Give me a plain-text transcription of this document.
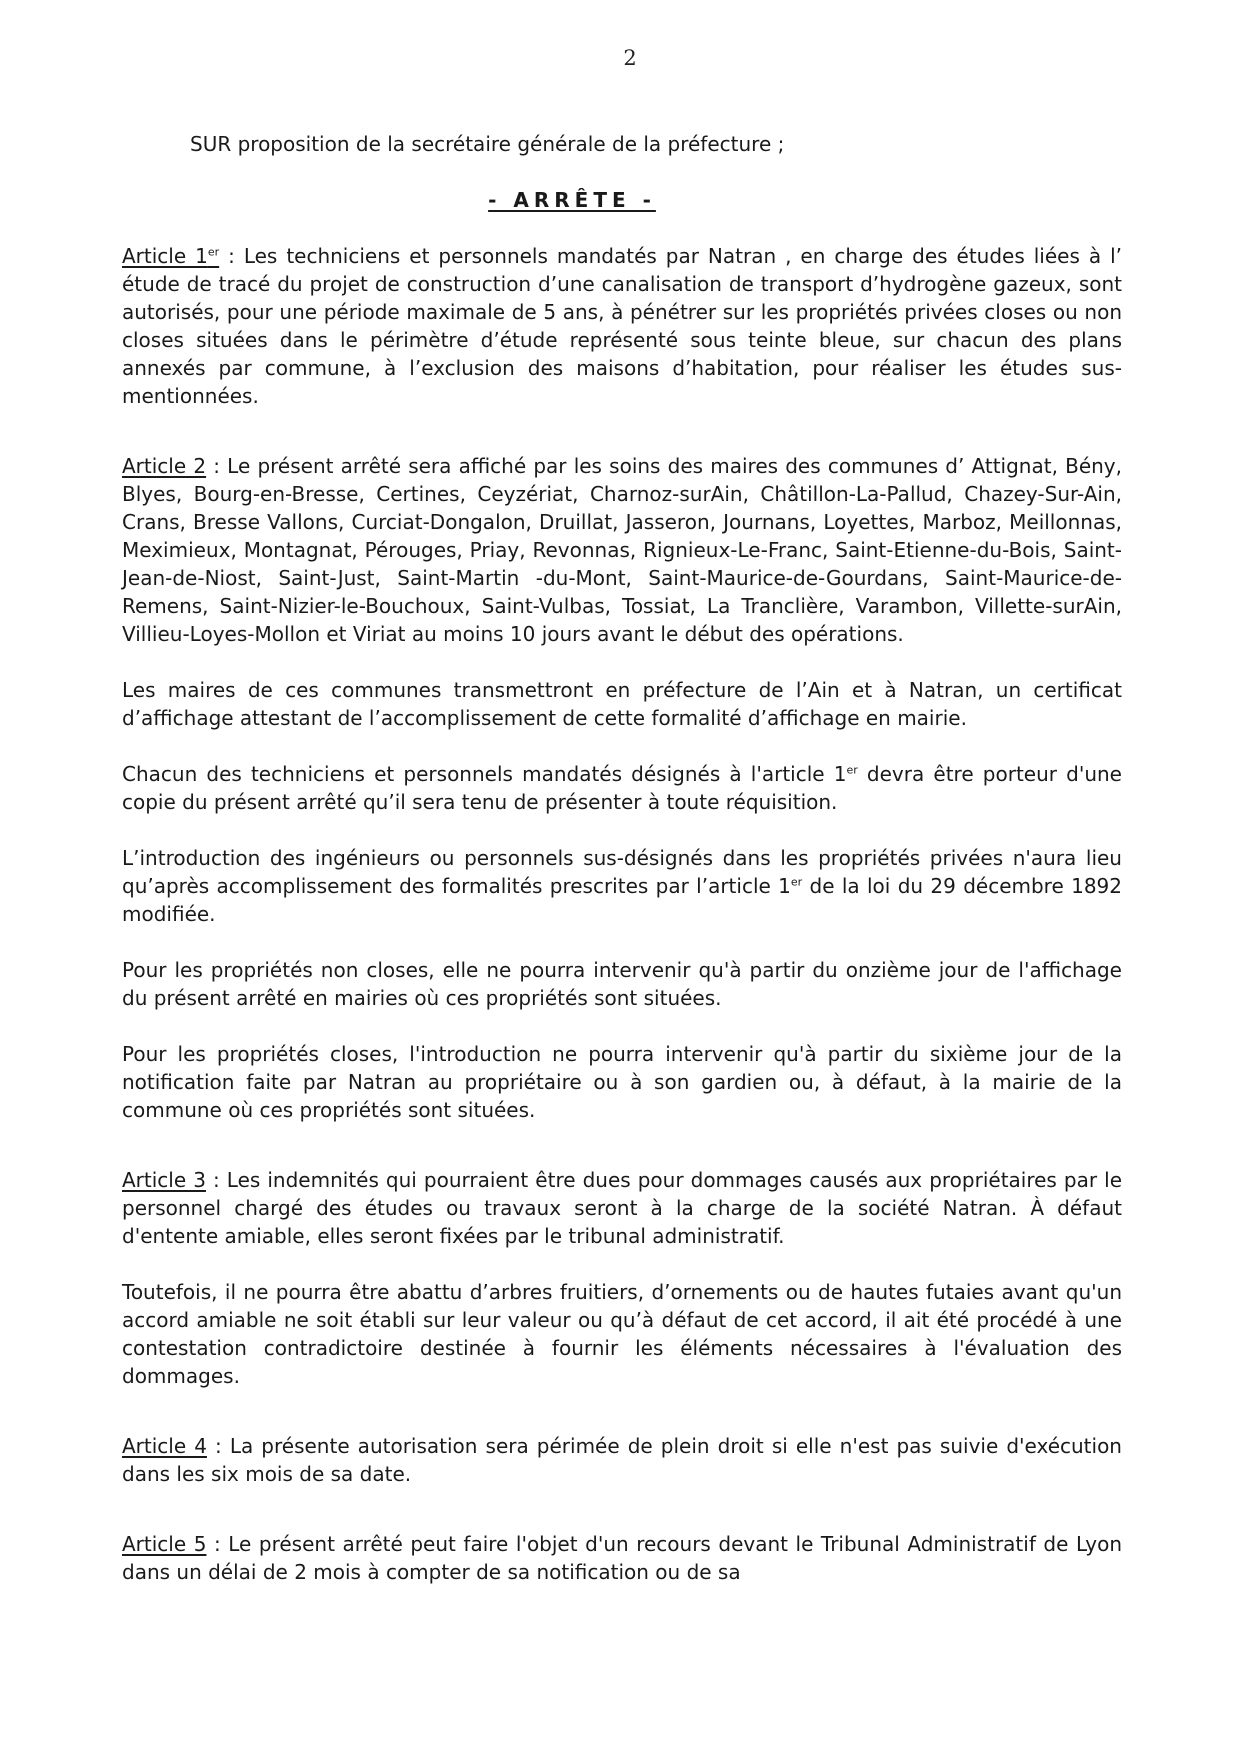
2
SUR proposition de la secrétaire générale de la préfecture ;
- ARRÊTE -

Article 1er : Les techniciens et personnels mandatés par Natran , en charge des études liées à l’ étude de tracé du projet de construction d’une canalisation de transport d’hydrogène gazeux, sont autorisés, pour une période maximale de 5 ans, à pénétrer sur les propriétés privées closes ou non closes situées dans le périmètre d’étude représenté sous teinte bleue, sur chacun des plans annexés par commune, à l’exclusion des maisons d’habitation, pour réaliser les études sus-mentionnées.

Article 2 : Le présent arrêté sera affiché par les soins des maires des communes d’ Attignat, Bény, Blyes, Bourg-en-Bresse, Certines, Ceyzériat, Charnoz-surAin, Châtillon-La-Pallud, Chazey-Sur-Ain, Crans, Bresse Vallons, Curciat-Dongalon, Druillat, Jasseron, Journans, Loyettes, Marboz, Meillonnas, Meximieux, Montagnat, Pérouges, Priay, Revonnas, Rignieux-Le-Franc, Saint-Etienne-du-Bois, Saint-Jean-de-Niost, Saint-Just, Saint-Martin -du-Mont, Saint-Maurice-de-Gourdans, Saint-Maurice-de-Remens, Saint-Nizier-le-Bouchoux, Saint-Vulbas, Tossiat, La Tranclière, Varambon, Villette-surAin, Villieu-Loyes-Mollon et Viriat au moins 10 jours avant le début des opérations.

Les maires de ces communes transmettront en préfecture de l’Ain et à Natran, un certificat d’affichage attestant de l’accomplissement de cette formalité d’affichage en mairie.

Chacun des techniciens et personnels mandatés désignés à l'article 1er devra être porteur d'une copie du présent arrêté qu’il sera tenu de présenter à toute réquisition.

L’introduction des ingénieurs ou personnels sus-désignés dans les propriétés privées n'aura lieu qu’après accomplissement des formalités prescrites par l’article 1er de la loi du 29 décembre 1892 modifiée.

Pour les propriétés non closes, elle ne pourra intervenir qu'à partir du onzième jour de l'affichage du présent arrêté en mairies où ces propriétés sont situées.

Pour les propriétés closes, l'introduction ne pourra intervenir qu'à partir du sixième jour de la notification faite par Natran au propriétaire ou à son gardien ou, à défaut, à la mairie de la commune où ces propriétés sont situées.

Article 3 : Les indemnités qui pourraient être dues pour dommages causés aux propriétaires par le personnel chargé des études ou travaux seront à la charge de la société Natran. À défaut d'entente amiable, elles seront fixées par le tribunal administratif.

Toutefois, il ne pourra être abattu d’arbres fruitiers, d’ornements ou de hautes futaies avant qu'un accord amiable ne soit établi sur leur valeur ou qu’à défaut de cet accord, il ait été procédé à une contestation contradictoire destinée à fournir les éléments nécessaires à l'évaluation des dommages.

Article 4 : La présente autorisation sera périmée de plein droit si elle n'est pas suivie d'exécution dans les six mois de sa date.

Article 5 : Le présent arrêté peut faire l'objet d'un recours devant le Tribunal Administratif de Lyon dans un délai de 2 mois à compter de sa notification ou de sa
